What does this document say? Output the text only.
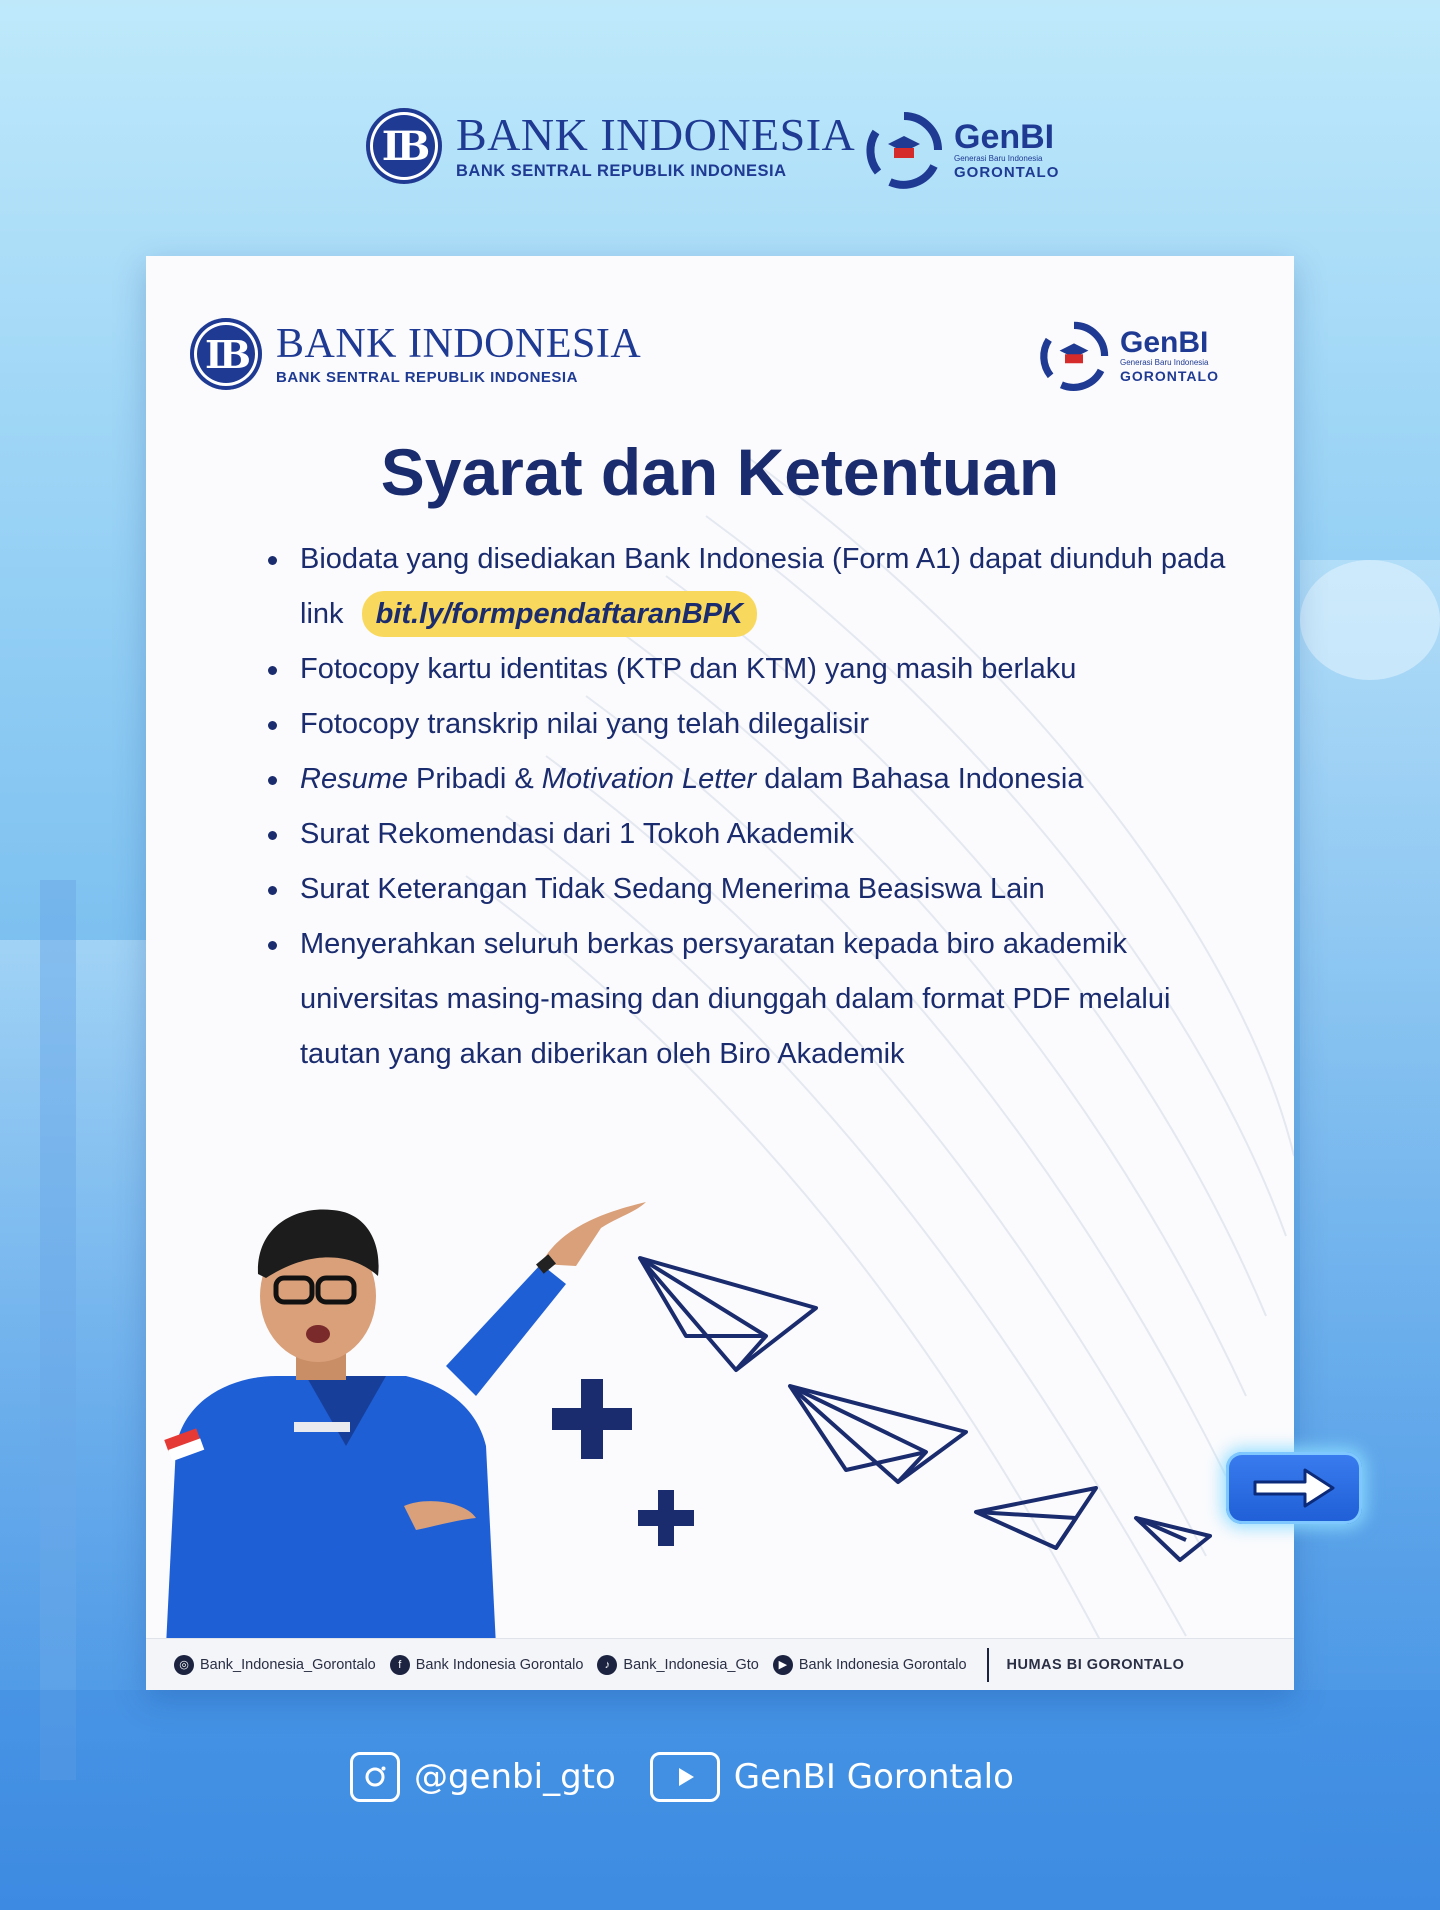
IB BANK INDONESIA
BANK SENTRAL REPUBLIK INDONESIA
GenBI
Generasi Baru Indonesia
GORONTALO
IB BANK INDONESIA
BANK SENTRAL REPUBLIK INDONESIA
GenBI
Generasi Baru Indonesia
GORONTALO
Syarat dan Ketentuan
Biodata yang disediakan Bank Indonesia (Form A1) dapat diunduh pada link bit.ly/formpendaftaranBPK
Fotocopy kartu identitas (KTP dan KTM) yang masih berlaku
Fotocopy transkrip nilai yang telah dilegalisir
Resume Pribadi & Motivation Letter dalam Bahasa Indonesia
Surat Rekomendasi dari 1 Tokoh Akademik
Surat Keterangan Tidak Sedang Menerima Beasiswa Lain
Menyerahkan seluruh berkas persyaratan kepada biro akademik universitas masing-masing dan diunggah dalam format PDF melalui tautan yang akan diberikan oleh Biro Akademik
◎ Bank_Indonesia_Gorontalo	f Bank Indonesia Gorontalo	♪ Bank_Indonesia_Gto	▶ Bank Indonesia Gorontalo	HUMAS BI GORONTALO
@genbi_gto	GenBI Gorontalo
